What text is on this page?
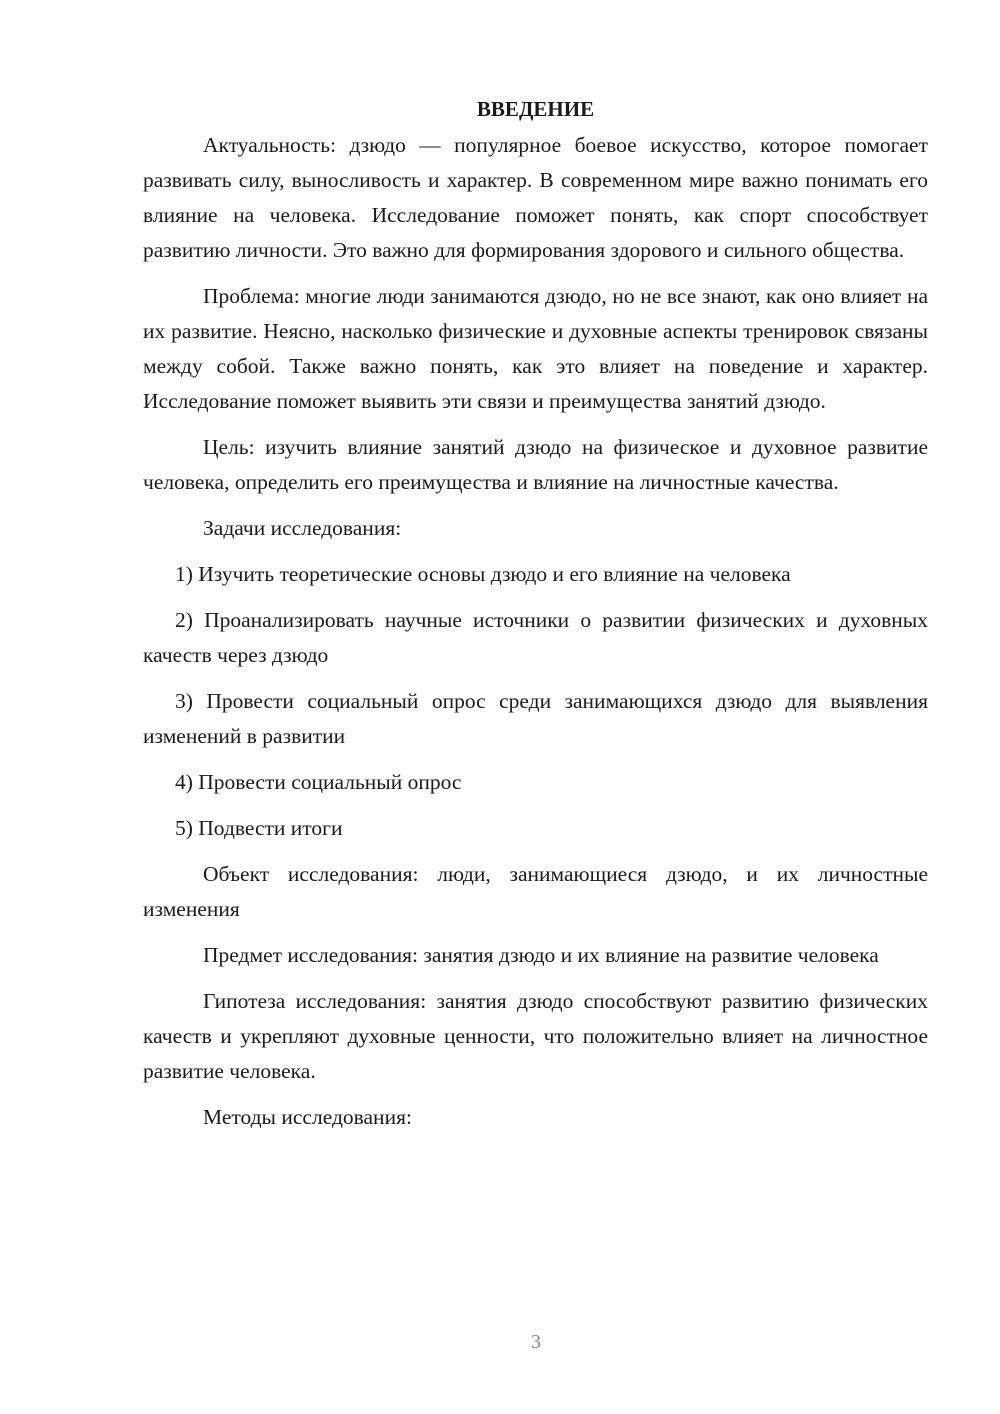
ВВЕДЕНИЕ

Актуальность: дзюдо — популярное боевое искусство, которое помогает развивать силу, выносливость и характер. В современном мире важно понимать его влияние на человека. Исследование поможет понять, как спорт способствует развитию личности. Это важно для формирования здорового и сильного общества.

Проблема: многие люди занимаются дзюдо, но не все знают, как оно влияет на их развитие. Неясно, насколько физические и духовные аспекты тренировок связаны между собой. Также важно понять, как это влияет на поведение и характер. Исследование поможет выявить эти связи и преимущества занятий дзюдо.

Цель: изучить влияние занятий дзюдо на физическое и духовное развитие человека, определить его преимущества и влияние на личностные качества.

Задачи исследования:

1) Изучить теоретические основы дзюдо и его влияние на человека

2) Проанализировать научные источники о развитии физических и духовных качеств через дзюдо

3) Провести социальный опрос среди занимающихся дзюдо для выявления изменений в развитии

4) Провести социальный опрос

5) Подвести итоги

Объект исследования: люди, занимающиеся дзюдо, и их личностные изменения

Предмет исследования: занятия дзюдо и их влияние на развитие человека

Гипотеза исследования: занятия дзюдо способствуют развитию физических качеств и укрепляют духовные ценности, что положительно влияет на личностное развитие человека.

Методы исследования:

3
